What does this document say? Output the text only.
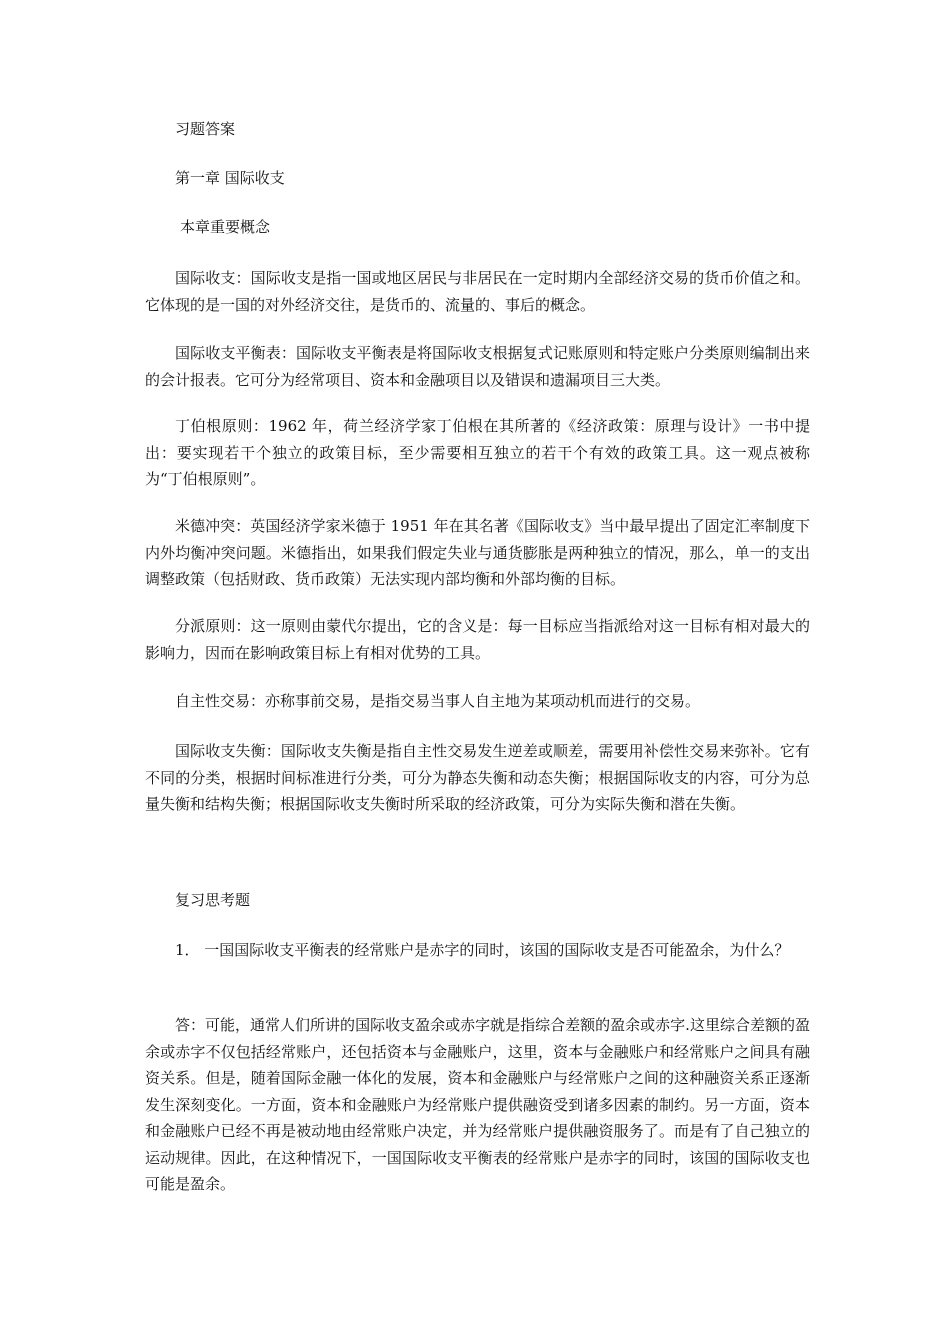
习题答案
第一章 国际收支
本章重要概念
国际收支：国际收支是指一国或地区居民与非居民在一定时期内全部经济交易的货币价值之和。它体现的是一国的对外经济交往，是货币的、流量的、事后的概念。
国际收支平衡表：国际收支平衡表是将国际收支根据复式记账原则和特定账户分类原则编制出来的会计报表。它可分为经常项目、资本和金融项目以及错误和遗漏项目三大类。
丁伯根原则：1962 年，荷兰经济学家丁伯根在其所著的《经济政策：原理与设计》一书中提出：要实现若干个独立的政策目标，至少需要相互独立的若干个有效的政策工具。这一观点被称为“丁伯根原则”。
米德冲突：英国经济学家米德于 1951 年在其名著《国际收支》当中最早提出了固定汇率制度下内外均衡冲突问题。米德指出，如果我们假定失业与通货膨胀是两种独立的情况，那么，单一的支出调整政策（包括财政、货币政策）无法实现内部均衡和外部均衡的目标。
分派原则：这一原则由蒙代尔提出，它的含义是：每一目标应当指派给对这一目标有相对最大的影响力，因而在影响政策目标上有相对优势的工具。
自主性交易：亦称事前交易，是指交易当事人自主地为某项动机而进行的交易。
国际收支失衡：国际收支失衡是指自主性交易发生逆差或顺差，需要用补偿性交易来弥补。它有不同的分类，根据时间标准进行分类，可分为静态失衡和动态失衡；根据国际收支的内容，可分为总量失衡和结构失衡；根据国际收支失衡时所采取的经济政策，可分为实际失衡和潜在失衡。
复习思考题
1． 一国国际收支平衡表的经常账户是赤字的同时，该国的国际收支是否可能盈余，为什么？
答：可能，通常人们所讲的国际收支盈余或赤字就是指综合差额的盈余或赤字.这里综合差额的盈余或赤字不仅包括经常账户，还包括资本与金融账户，这里，资本与金融账户和经常账户之间具有融资关系。但是，随着国际金融一体化的发展，资本和金融账户与经常账户之间的这种融资关系正逐渐发生深刻变化。一方面，资本和金融账户为经常账户提供融资受到诸多因素的制约。另一方面，资本和金融账户已经不再是被动地由经常账户决定，并为经常账户提供融资服务了。而是有了自己独立的运动规律。因此，在这种情况下，一国国际收支平衡表的经常账户是赤字的同时，该国的国际收支也可能是盈余。
